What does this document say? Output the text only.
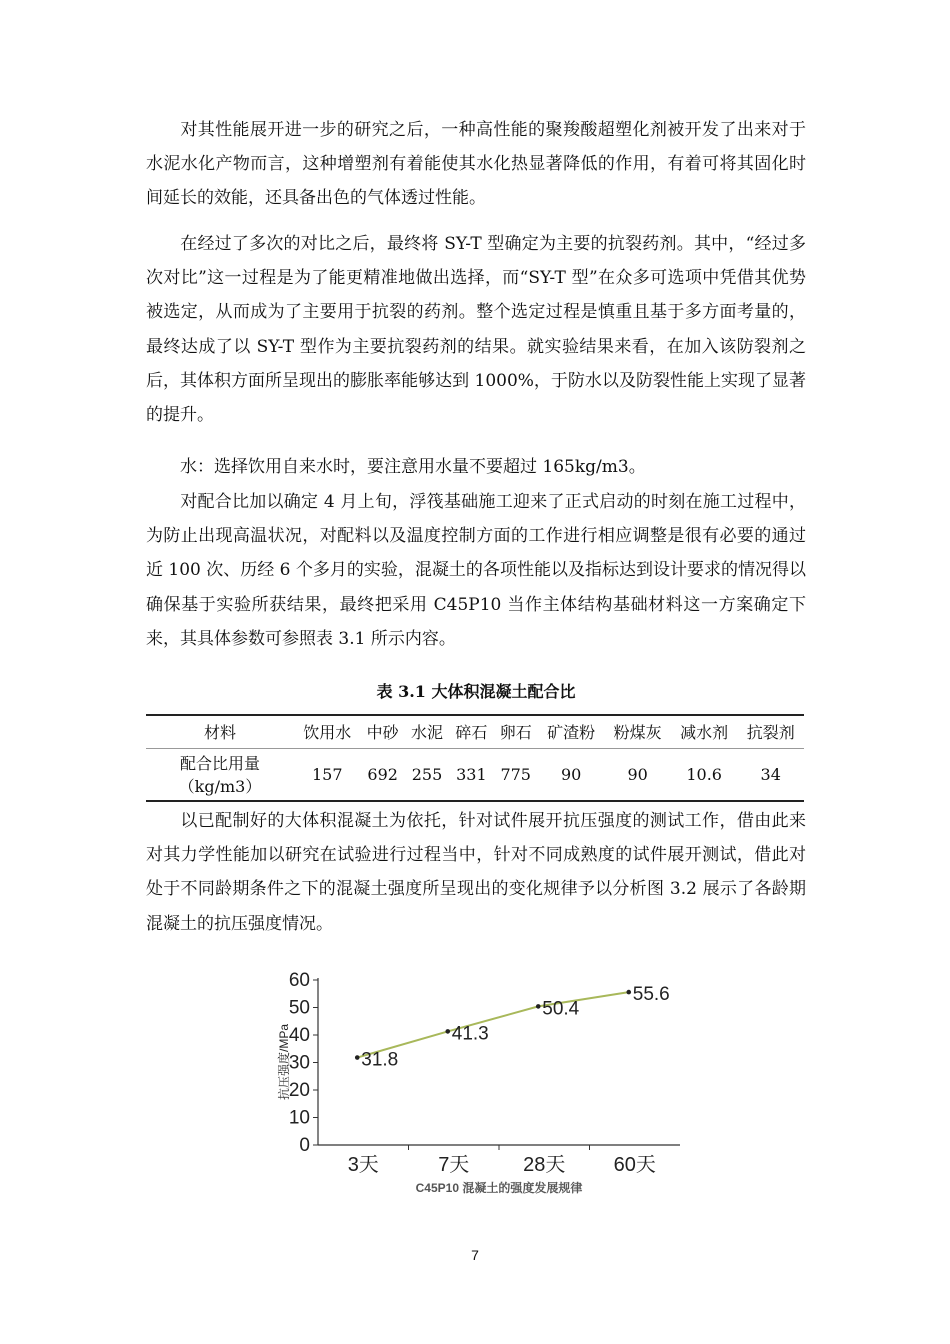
对其性能展开进一步的研究之后，一种高性能的聚羧酸超塑化剂被开发了出来对于水泥水化产物而言，这种增塑剂有着能使其水化热显著降低的作用，有着可将其固化时间延长的效能，还具备出色的气体透过性能。

在经过了多次的对比之后，最终将 SY-T 型确定为主要的抗裂药剂。其中，“经过多次对比”这一过程是为了能更精准地做出选择，而“SY-T 型”在众多可选项中凭借其优势被选定，从而成为了主要用于抗裂的药剂。整个选定过程是慎重且基于多方面考量的，最终达成了以 SY-T 型作为主要抗裂药剂的结果。就实验结果来看，在加入该防裂剂之后，其体积方面所呈现出的膨胀率能够达到 1000%，于防水以及防裂性能上实现了显著的提升。

水：选择饮用自来水时，要注意用水量不要超过 165kg/m3。

对配合比加以确定 4 月上旬，浮筏基础施工迎来了正式启动的时刻在施工过程中，为防止出现高温状况，对配料以及温度控制方面的工作进行相应调整是很有必要的通过近 100 次、历经 6 个多月的实验，混凝土的各项性能以及指标达到设计要求的情况得以确保基于实验所获结果，最终把采用 C45P10 当作主体结构基础材料这一方案确定下来，其具体参数可参照表 3.1 所示内容。

表 3.1 大体积混凝土配合比
材料	饮用水	中砂	水泥	碎石	卵石	矿渣粉	粉煤灰	减水剂	抗裂剂

配合比用量
（kg/m3）	157	692	255	331	775	90	90	10.6	34

以已配制好的大体积混凝土为依托，针对试件展开抗压强度的测试工作，借由此来对其力学性能加以研究在试验进行过程当中，针对不同成熟度的试件展开测试，借此对处于不同龄期条件之下的混凝土强度所呈现出的变化规律予以分析图 3.2 展示了各龄期混凝土的抗压强度情况。

抗压强度/MPa
C45P10 混凝土的强度发展规律
0
10
20
30
40
50
60
3天	7天	28天 60天
31.8
41.3
50.4
55.6
7
